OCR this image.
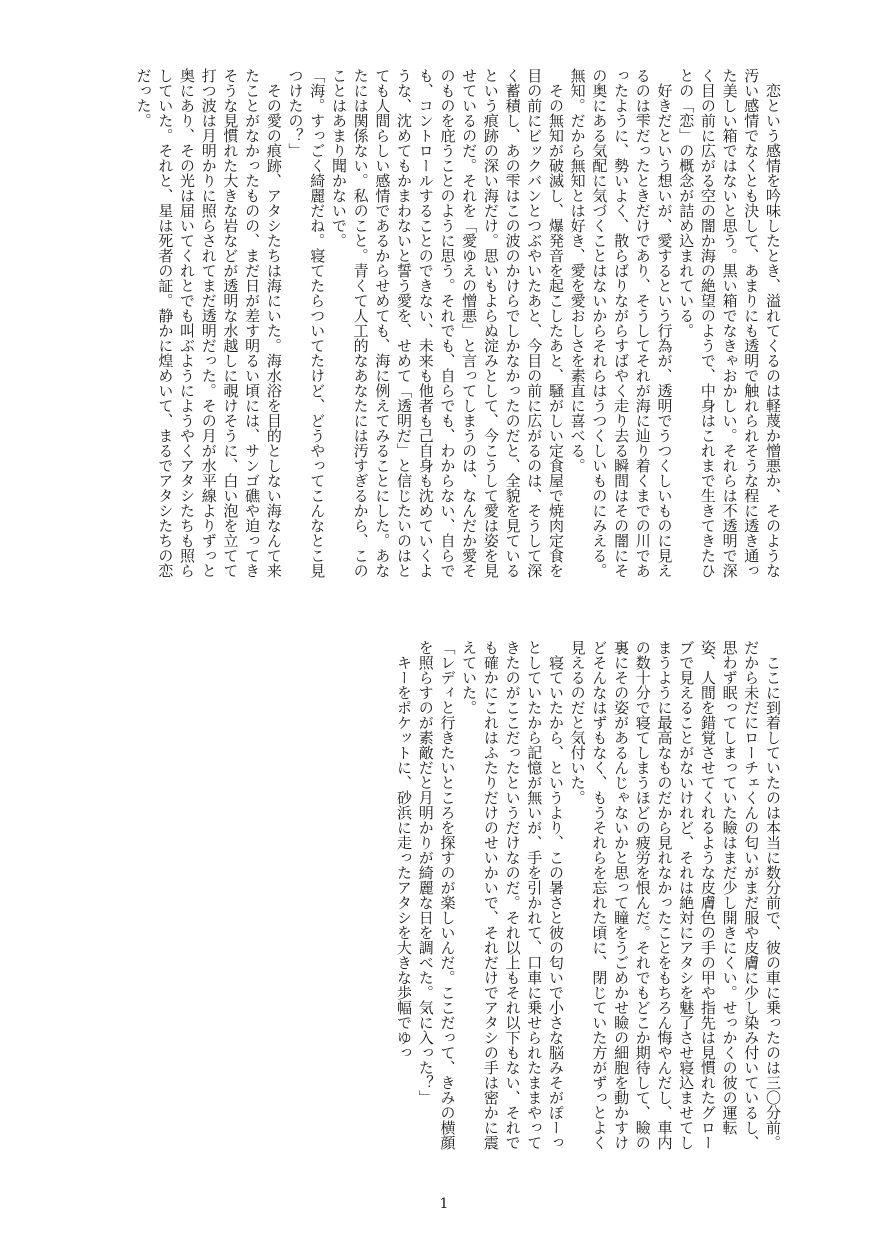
恋という感情を吟味したとき、溢れてくるのは軽蔑か憎悪か、そのような汚い感情でなくとも決して、あまりにも透明で触れられそうな程に透き通った美しい箱ではないと思う。黒い箱でなきゃおかしい。それらは不透明で深く目の前に広がる空の闇か海の絶望のようで、中身はこれまで生きてきたひとの「恋」の概念が詰め込まれている。

好きだという想いが、愛するという行為が、透明でうつくしいものに見えるのは雫だったときだけであり、そうしてそれが海に辿り着くまでの川であったように、勢いよく、散らばりながらすばやく走り去る瞬間はその闇にその奥にある気配に気づくことはないからそれらはうつくしいものにみえる。無知。だから無知とは好き、愛を愛おしさを素直に喜べる。

その無知が破滅し、爆発音を起こしたあと、騒がしい定食屋で焼肉定食を目の前にビックバンとつぶやいたあと、今目の前に広がるのは、そうして深く蓄積し、あの雫はこの波のかけらでしかなかったのだと、全貌を見ているという痕跡の深い海だけ。思いもよらぬ淀みとして、今こうして愛は姿を見せているのだ。それを「愛ゆえの憎悪」と言ってしまうのは、なんだか愛そのものを庇うことのように思う。それでも、自らでも、わからない、自らでも、コントロールすることのできない、未来も他者も己自身も沈めていくような、沈めてもかまわないと誓う愛を、せめて「透明だ」と信じたいのはとても人間らしい感情であるからせめても、海に例えてみることにした。あなたには関係ない。私のこと。青くて人工的なあなたには汚すぎるから、このことはあまり聞かないで。

「海。すっごく綺麗だね。寝てたらついてたけど、どうやってこんなとこ見つけたの？」

その愛の痕跡、アタシたちは海にいた。海水浴を目的としない海なんて来たことがなかったものの、まだ日が差す明るい頃には、サンゴ礁や迫ってきそうな見慣れた大きな岩などが透明な水越しに覗けそうに、白い泡を立てて打つ波は月明かりに照らされてまだ透明だった。その月が水平線よりずっと奥にあり、その光は届いてくれとでも叫ぶようにようやくアタシたちも照らしていた。それと、星は死者の証。静かに煌めいて、まるでアタシたちの恋だった。

ここに到着していたのは本当に数分前で、彼の車に乗ったのは三〇分前。だから未だにローチェくんの匂いがまだ服や皮膚に少し染み付いているし、思わず眠ってしまっていた瞼はまだ少し開きにくい。せっかくの彼の運転姿、人間を錯覚させてくれるような皮膚色の手の甲や指先は見慣れたグローブで見えることがないけれど、それは絶対にアタシを魅了させ寝込ませてしまうように最高なものだから見れなかったことをもちろん悔やんだし、車内の数十分で寝てしまうほどの疲労を恨んだ。それでもどこか期待して、瞼の裏にその姿があるんじゃないかと思って瞳をうごめかせ瞼の細胞を動かすけどそんなはずもなく、もうそれらを忘れた頃に、閉じていた方がずっとよく見えるのだと気付いた。

寝ていたから、というより、この暑さと彼の匂いで小さな脳みそがぽーっとしていたから記憶が無いが、手を引かれて、口車に乗せられたままやってきたのがここだったというだけなのだ。それ以上もそれ以下もない、それでも確かにこれはふたりだけのせいかいで、それだけでアタシの手は密かに震えていた。

「レディと行きたいところを探すのが楽しいんだ。ここだって、きみの横顔を照らすのが素敵だと月明かりが綺麗な日を調べた。気に入った？」

キーをポケットに、砂浜に走ったアタシを大きな歩幅でゆっ

1
